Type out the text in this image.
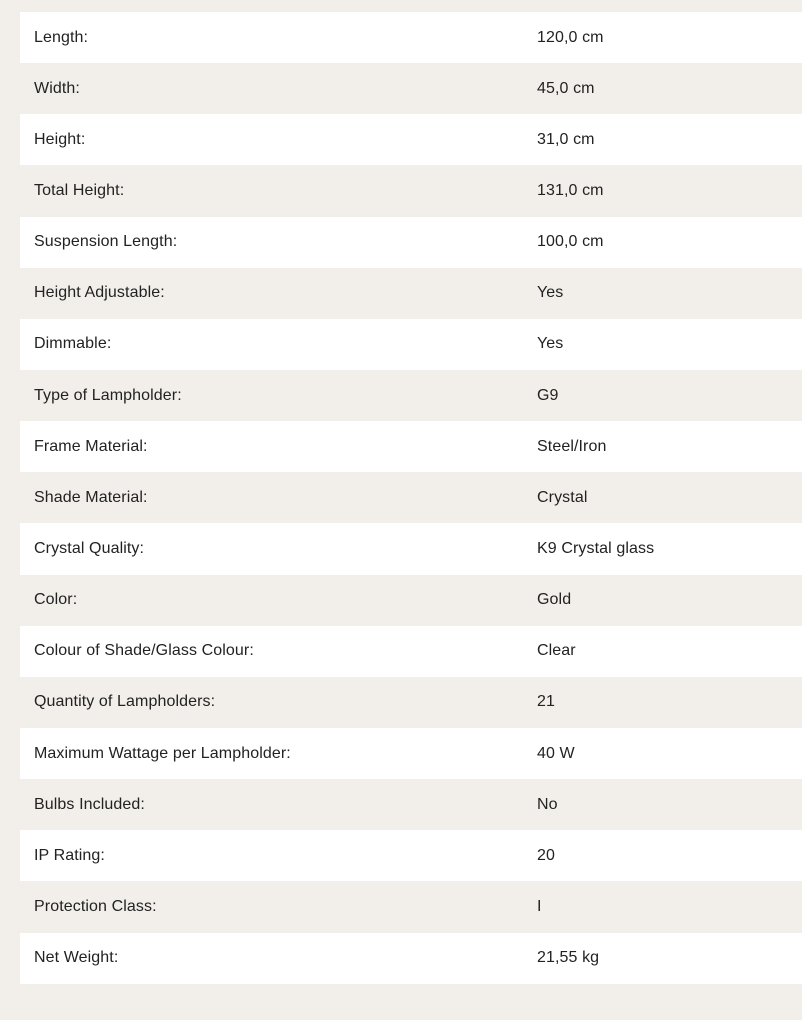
Length:	120,0 cm
Width:	45,0 cm
Height:	31,0 cm
Total Height:	131,0 cm
Suspension Length:	100,0 cm
Height Adjustable:	Yes
Dimmable:	Yes
Type of Lampholder:	G9
Frame Material:	Steel/Iron
Shade Material:	Crystal
Crystal Quality:	K9 Crystal glass
Color:	Gold
Colour of Shade/Glass Colour:	Clear
Quantity of Lampholders:	21
Maximum Wattage per Lampholder:	40 W
Bulbs Included:	No
IP Rating:	20
Protection Class:	I
Net Weight:	21,55 kg
